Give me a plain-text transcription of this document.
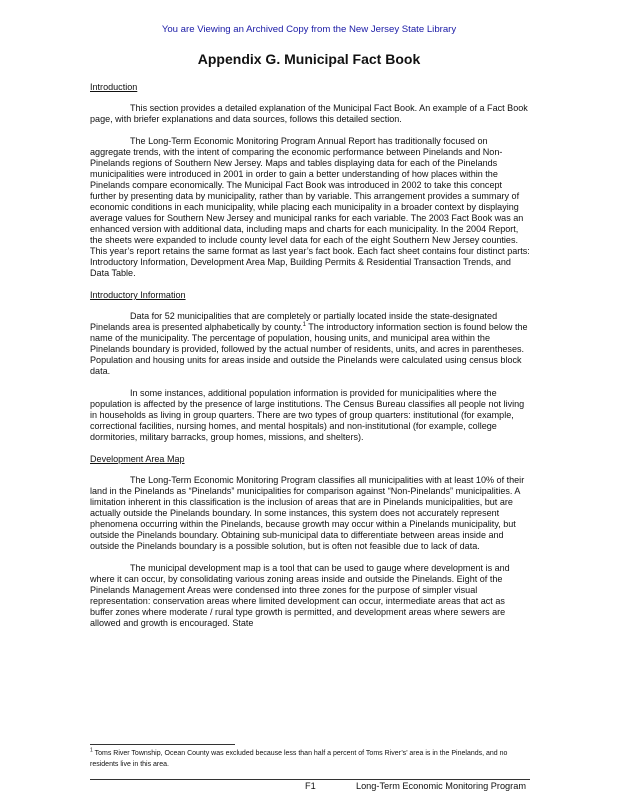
You are Viewing an Archived Copy from the New Jersey State Library
Appendix G. Municipal Fact Book
Introduction

This section provides a detailed explanation of the Municipal Fact Book. An example of a Fact Book page, with briefer explanations and data sources, follows this detailed section.

The Long-Term Economic Monitoring Program Annual Report has traditionally focused on aggregate trends, with the intent of comparing the economic performance between Pinelands and Non-Pinelands regions of Southern New Jersey. Maps and tables displaying data for each of the Pinelands municipalities were introduced in 2001 in order to gain a better understanding of how places within the Pinelands compare economically. The Municipal Fact Book was introduced in 2002 to take this concept further by presenting data by municipality, rather than by variable. This arrangement provides a summary of economic conditions in each municipality, while placing each municipality in a broader context by displaying average values for Southern New Jersey and municipal ranks for each variable. The 2003 Fact Book was an enhanced version with additional data, including maps and charts for each municipality. In the 2004 Report, the sheets were expanded to include county level data for each of the eight Southern New Jersey counties. This year’s report retains the same format as last year’s fact book. Each fact sheet contains four distinct parts: Introductory Information, Development Area Map, Building Permits & Residential Transaction Trends, and Data Table.

Introductory Information

Data for 52 municipalities that are completely or partially located inside the state-designated Pinelands area is presented alphabetically by county.$^1$ The introductory information section is found below the name of the municipality. The percentage of population, housing units, and municipal area within the Pinelands boundary is provided, followed by the actual number of residents, units, and acres in parentheses. Population and housing units for areas inside and outside the Pinelands were calculated using census block data.

In some instances, additional population information is provided for municipalities where the population is affected by the presence of large institutions. The Census Bureau classifies all people not living in households as living in group quarters. There are two types of group quarters: institutional (for example, correctional facilities, nursing homes, and mental hospitals) and non-institutional (for example, college dormitories, military barracks, group homes, missions, and shelters).

Development Area Map

The Long-Term Economic Monitoring Program classifies all municipalities with at least 10% of their land in the Pinelands as “Pinelands” municipalities for comparison against “Non-Pinelands” municipalities. A limitation inherent in this classification is the inclusion of areas that are in Pinelands municipalities, but are actually outside the Pinelands boundary. In some instances, this system does not accurately represent phenomena occurring within the Pinelands, because growth may occur within a Pinelands municipality, but outside the Pinelands boundary. Obtaining sub-municipal data to differentiate between areas inside and outside the Pinelands boundary is a possible solution, but is often not feasible due to lack of data.

The municipal development map is a tool that can be used to gauge where development is and where it can occur, by consolidating various zoning areas inside and outside the Pinelands. Eight of the Pinelands Management Areas were condensed into three zones for the purpose of simpler visual representation: conservation areas where limited development can occur, intermediate areas that act as buffer zones where moderate / rural type growth is permitted, and development areas where sewers are allowed and growth is encouraged. State

$^1$ Toms River Township, Ocean County was excluded because less than half a percent of Toms River’s’ area is in the Pinelands, and no residents live in this area.
F1	Long-Term Economic Monitoring Program
